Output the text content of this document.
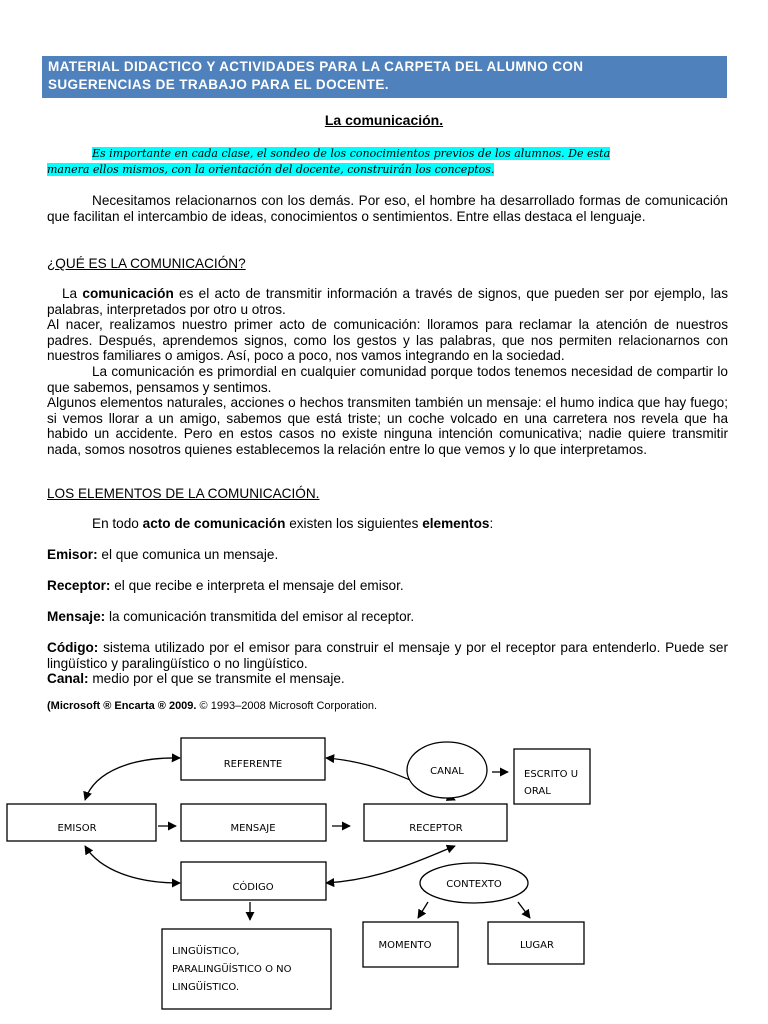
MATERIAL DIDACTICO Y ACTIVIDADES PARA LA CARPETA DEL ALUMNO CON
SUGERENCIAS DE TRABAJO PARA EL DOCENTE.
La comunicación.
Es importante en cada clase, el sondeo de los conocimientos previos de los alumnos. De esta
manera ellos mismos, con la orientación del docente, construirán los conceptos.
Necesitamos relacionarnos con los demás. Por eso, el hombre ha desarrollado formas de comunicación que facilitan el intercambio de ideas, conocimientos o sentimientos. Entre ellas destaca el lenguaje.
¿QUÉ ES LA COMUNICACIÓN?
La comunicación es el acto de transmitir información a través de signos, que pueden ser por ejemplo, las palabras, interpretados por otro u otros.
Al nacer, realizamos nuestro primer acto de comunicación: lloramos para reclamar la atención de nuestros padres. Después, aprendemos signos, como los gestos y las palabras, que nos permiten relacionarnos con nuestros familiares o amigos. Así, poco a poco, nos vamos integrando en la sociedad.
La comunicación es primordial en cualquier comunidad porque todos tenemos necesidad de compartir lo que sabemos, pensamos y sentimos.
Algunos elementos naturales, acciones o hechos transmiten también un mensaje: el humo indica que hay fuego; si vemos llorar a un amigo, sabemos que está triste; un coche volcado en una carretera nos revela que ha habido un accidente. Pero en estos casos no existe ninguna intención comunicativa; nadie quiere transmitir nada, somos nosotros quienes establecemos la relación entre lo que vemos y lo que interpretamos.
LOS ELEMENTOS DE LA COMUNICACIÓN.
En todo acto de comunicación existen los siguientes elementos:
Emisor: el que comunica un mensaje.
Receptor: el que recibe e interpreta el mensaje del emisor.
Mensaje: la comunicación transmitida del emisor al receptor.
Código: sistema utilizado por el emisor para construir el mensaje y por el receptor para entenderlo. Puede ser lingüístico y paralingüístico o no lingüístico.
Canal: medio por el que se transmite el mensaje.
(Microsoft ® Encarta ® 2009. © 1993–2008 Microsoft Corporation.
REFERENTE
EMISOR	MENSAJE	RECEPTOR
CÓDIGO
CANAL	ESCRITO U
ORAL
CONTEXTO
MOMENTO	LUGAR
LINGÜÍSTICO,
PARALINGÜÍSTICO O NO
LINGÜÍSTICO.
